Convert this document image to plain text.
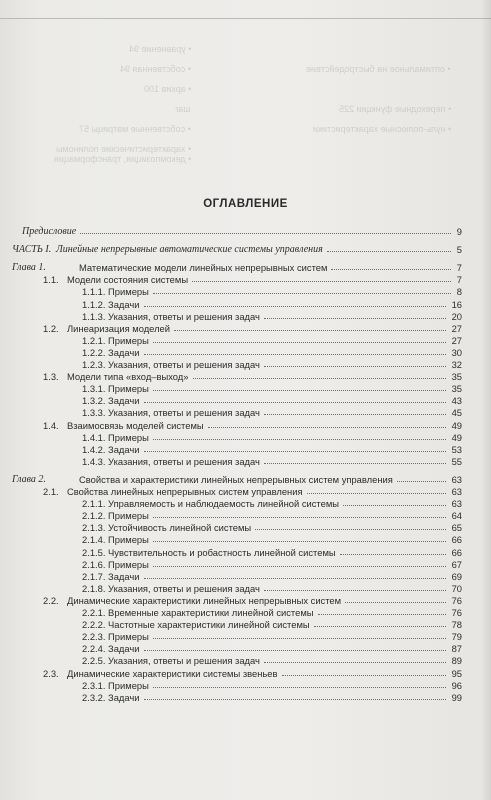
• уравнение 94
• собственная 94
• архив 100
шаг
• собственные матрицы 57
• характеристические полиномы
• декомпозиция, трансформация
• оптимальное на быстродействие
• переходные функции 225
• нуль-полюсные характеристики
ОГЛАВЛЕНИЕ
Предисловие	9
ЧАСТЬ I. Линейные непрерывные автоматические системы управления	5
Глава 1.	Математические модели линейных непрерывных систем	7
1.1. Модели состояния системы	7
1.1.1. Примеры	8
1.1.2. Задачи	16
1.1.3. Указания, ответы и решения задач	20
1.2. Линеаризация моделей	27
1.2.1. Примеры	27
1.2.2. Задачи	30
1.2.3. Указания, ответы и решения задач	32
1.3. Модели типа «вход–выход»	35
1.3.1. Примеры	35
1.3.2. Задачи	43
1.3.3. Указания, ответы и решения задач	45
1.4. Взаимосвязь моделей системы	49
1.4.1. Примеры	49
1.4.2. Задачи	53
1.4.3. Указания, ответы и решения задач	55
Глава 2.	Свойства и характеристики линейных непрерывных систем управления	63
2.1. Свойства линейных непрерывных систем управления	63
2.1.1. Управляемость и наблюдаемость линейной системы	63
2.1.2. Примеры	64
2.1.3. Устойчивость линейной системы	65
2.1.4. Примеры	66
2.1.5. Чувствительность и робастность линейной системы	66
2.1.6. Примеры	67
2.1.7. Задачи	69
2.1.8. Указания, ответы и решения задач	70
2.2. Динамические характеристики линейных непрерывных систем	76
2.2.1. Временные характеристики линейной системы	76
2.2.2. Частотные характеристики линейной системы	78
2.2.3. Примеры	79
2.2.4. Задачи	87
2.2.5. Указания, ответы и решения задач	89
2.3. Динамические характеристики системы звеньев	95
2.3.1. Примеры	96
2.3.2. Задачи	99
